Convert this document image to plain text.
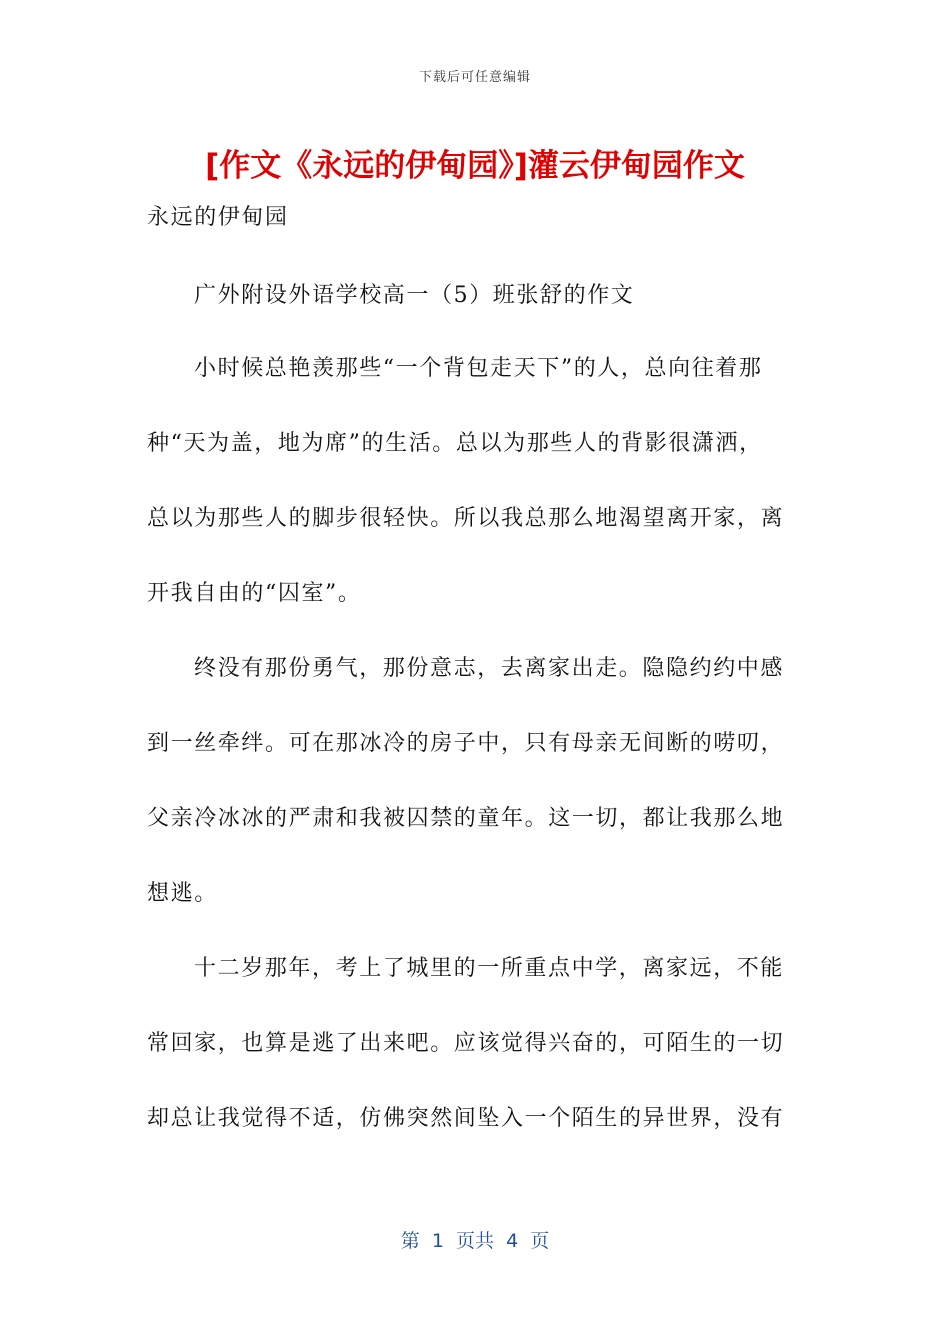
下载后可任意编辑
[作文《永远的伊甸园》]灌云伊甸园作文
永远的伊甸园
广外附设外语学校高一（5）班张舒的作文
小时候总艳羡那些“一个背包走天下”的人，总向往着那
种“天为盖，地为席”的生活。总以为那些人的背影很潇洒，
总以为那些人的脚步很轻快。所以我总那么地渴望离开家，离
开我自由的“囚室”。
终没有那份勇气，那份意志，去离家出走。隐隐约约中感
到一丝牵绊。可在那冰冷的房子中，只有母亲无间断的唠叨，
父亲冷冰冰的严肃和我被囚禁的童年。这一切，都让我那么地
想逃。
十二岁那年，考上了城里的一所重点中学，离家远，不能
常回家，也算是逃了出来吧。应该觉得兴奋的，可陌生的一切
却总让我觉得不适，仿佛突然间坠入一个陌生的异世界，没有
第  1  页共  4  页
